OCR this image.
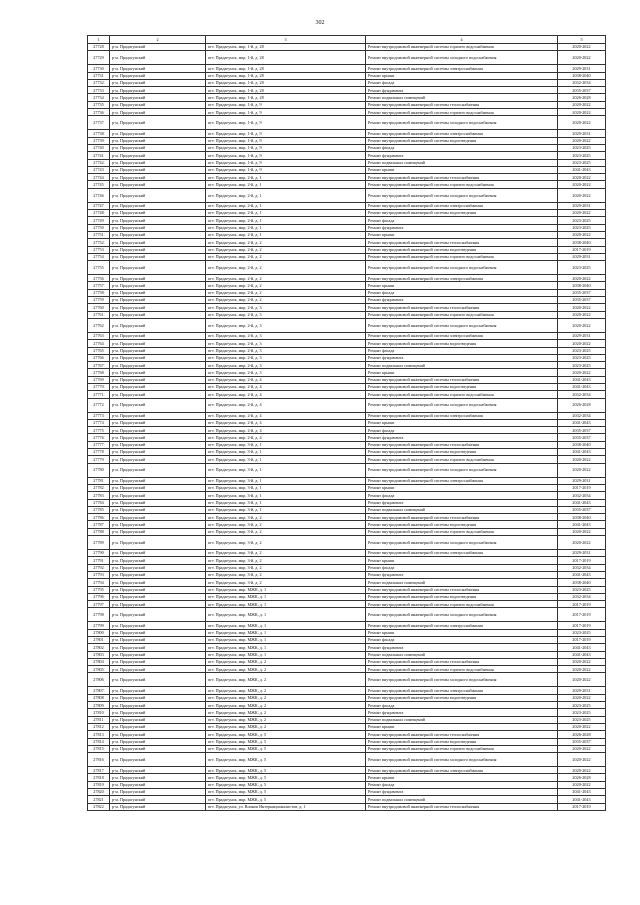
302
1	2	3	4	5
27728	р-н. Прадатунский	пгт. Прадагунск, мкр. 1-й, д. 28	Ремонт внутридомовой инженерной системы горячего водоснабжения	2020-2022
27729	р-н. Прадагунский	пгт. Прадагунск, мкр. 1-й, д. 28	Ремонт внутридомовой инженерной системы холодного водоснабжения	2020-2022
27730	р-н. Прадагунский	пгт. Прадагунск, мкр. 1-й, д. 28	Ремонт внутридомовой инженерной системы электроснабжения	2029-2031
27731	р-н. Прадатунский	пгт. Прадагунск, мкр. 1-й, д. 28	Ремонт крыши	2038-2040
27732	р-н. Прадагунский	пгт. Прадагунск, мкр. 1-й, д. 28	Ремонт фасада	2032-2034
27733	р-н. Прадатунский	пгт. Прадагунск, мкр. 1-й, д. 28	Ремонт фундамента	2035-2037
27734	р-н. Прадатунский	пгт. Прадагунск, мкр. 1-й, д. 28	Ремонт подвальных помещений	2026-2028
27735	р-н. Прадагунский	пгт. Прадагунск, мкр. 1-й, д. 9	Ремонт внутридомовой инженерной системы теплоснабжения	2020-2022
27736	р-н. Прадагунский	пгт. Прадагунск, мкр. 1-й, д. 9	Ремонт внутридомовой инженерной системы горячего водоснабжения	2020-2022
27737	р-н. Прадагунский	пгт. Прадагунск, мкр. 1-й, д. 9	Ремонт внутридомовой инженерной системы холодного водоснабжения	2020-2022
27738	р-н. Прадагунский	пгт. Прадагунск, мкр. 1-й, д. 9	Ремонт внутридомовой инженерной системы электроснабжения	2029-2031
27739	р-н. Прадагунский	пгт. Прадагунск, мкр. 1-й, д. 9	Ремонт внутридомовой инженерной системы водоотведения	2020-2022
27740	р-н. Прадагунский	пгт. Прадагунск, мкр. 1-й, д. 9	Ремонт фасада	2023-2025
27741	р-н. Прадатунский	пгт. Прадагунск, мкр. 1-й, д. 9	Ремонт фундамента	2023-2025
27742	р-н. Прадагунский	пгт. Прадагунск, мкр. 1-й, д. 9	Ремонт подвальных помещений	2023-2025
27743	р-н. Прадагунский	пгт. Прадагунск, мкр. 1-й, д. 9	Ремонт крыши	2041-2043
27744	р-н. Прадагунский	пгт. Прадагунск, мкр. 2-й, д. 1	Ремонт внутридомовой инженерной системы теплоснабжения	2020-2022
27745	р-н. Прадагунский	пгт. Прадагунск, мкр. 2-й, д. 1	Ремонт внутридомовой инженерной системы горячего водоснабжения	2020-2022
27746	р-н. Прадагунский	пгт. Прадагунск, мкр. 2-й, д. 1	Ремонт внутридомовой инженерной системы холодного водоснабжения	2020-2022
27747	р-н. Прадагунский	пгт. Прадагунск, мкр. 2-й, д. 1	Ремонт внутридомовой инженерной системы электроснабжения	2029-2031
27748	р-н. Прадагунский	пгт. Прадагунск, мкр. 2-й, д. 1	Ремонт внутридомовой инженерной системы водоотведения	2020-2022
27749	р-н. Прадагунский	пгт. Прадагунск, мкр. 2-й, д. 1	Ремонт фасада	2023-2025
27750	р-н. Прадагунский	пгт. Прадагунск, мкр. 2-й, д. 1	Ремонт фундамента	2023-2025
27751	р-н. Прадагунский	пгт. Прадагунск, мкр. 2-й, д. 1	Ремонт крыши	2020-2022
27752	р-н. Прадагунский	пгт. Прадагунск, мкр. 2-й, д. 2	Ремонт внутридомовой инженерной системы теплоснабжения	2038-2040
27753	р-н. Прадагунский	пгт. Прадагунск, мкр. 2-й, д. 2	Ремонт внутридомовой инженерной системы водоотведения	2017-2019
27754	р-н. Прадагунский	пгт. Прадагунск, мкр. 2-й, д. 2	Ремонт внутридомовой инженерной системы горячего водоснабжения	2029-2031
27755	р-н. Прадагунский	пгт. Прадагунск, мкр. 2-й, д. 2	Ремонт внутридомовой инженерной системы холодного водоснабжения	2023-2025
27756	р-н. Прадагунский	пгт. Прадагунск, мкр. 2-й, д. 2	Ремонт внутридомовой инженерной системы электроснабжения	2020-2022
27757	р-н. Прадагунский	пгт. Прадагунск, мкр. 2-й, д. 2	Ремонт крыши	2038-2040
27758	р-н. Прадагунский	пгт. Прадагунск, мкр. 2-й, д. 2	Ремонт фасада	2035-2037
27759	р-н. Прадагунский	пгт. Прадагунск, мкр. 2-й, д. 2	Ремонт фундамента	2035-2037
27760	р-н. Прадагунский	пгт. Прадагунск, мкр. 2-й, д. 3	Ремонт внутридомовой инженерной системы теплоснабжения	2020-2022
27761	р-н. Прадагунский	пгт. Прадагунск, мкр. 2-й, д. 3	Ремонт внутридомовой инженерной системы горячего водоснабжения	2020-2022
27762	р-н. Прадагунский	пгт. Прадагунск, мкр. 2-й, д. 3	Ремонт внутридомовой инженерной системы холодного водоснабжения	2020-2022
27763	р-н. Прадагунский	пгт. Прадагунск, мкр. 2-й, д. 3	Ремонт внутридомовой инженерной системы электроснабжения	2029-2031
27764	р-н. Прадагунский	пгт. Прадагунск, мкр. 2-й, д. 3	Ремонт внутридомовой инженерной системы водоотведения	2020-2022
27765	р-н. Прадагунский	пгт. Прадагунск, мкр. 2-й, д. 3	Ремонт фасада	2023-2025
27766	р-н. Прадагунский	пгт. Прадагунск, мкр. 2-й, д. 3	Ремонт фундамента	2023-2025
27767	р-н. Прадагунский	пгт. Прадагунск, мкр. 2-й, д. 3	Ремонт подвальных помещений	2023-2025
27768	р-н. Прадагунский	пгт. Прадагунск, мкр. 2-й, д. 3	Ремонт крыши	2020-2022
27769	р-н. Прадагунский	пгт. Прадагунск, мкр. 2-й, д. 4	Ремонт внутридомовой инженерной системы теплоснабжения	2041-2043
27770	р-н. Прадагунский	пгт. Прадагунск, мкр. 2-й, д. 4	Ремонт внутридомовой инженерной системы водоотведения	2041-2043
27771	р-н. Прадагунский	пгт. Прадагунск, мкр. 2-й, д. 4	Ремонт внутридомовой инженерной системы горячего водоснабжения	2032-2034
27772	р-н. Прадагунский	пгт. Прадагунск, мкр. 2-й, д. 4	Ремонт внутридомовой инженерной системы холодного водоснабжения	2026-2028
27773	р-н. Прадагунский	пгт. Прадагунск, мкр. 2-й, д. 4	Ремонт внутридомовой инженерной системы электроснабжения	2032-2034
27774	р-н. Прадагунский	пгт. Прадагунск, мкр. 2-й, д. 4	Ремонт крыши	2041-2043
27775	р-н. Прадагунский	пгт. Прадагунск, мкр. 2-й, д. 4	Ремонт фасада	2035-2037
27776	р-н. Прадагунский	пгт. Прадагунск, мкр. 2-й, д. 4	Ремонт фундамента	2035-2037
27777	р-н. Прадагунский	пгт. Прадагунск, мкр. 3-й, д. 1	Ремонт внутридомовой инженерной системы теплоснабжения	2038-2040
27778	р-н. Прадагунский	пгт. Прадагунск, мкр. 3-й, д. 1	Ремонт внутридомовой инженерной системы водоотведения	2041-2043
27779	р-н. Прадагунский	пгт. Прадагунск, мкр. 3-й, д. 1	Ремонт внутридомовой инженерной системы горячего водоснабжения	2020-2022
27780	р-н. Прадагунский	пгт. Прадагунск, мкр. 3-й, д. 1	Ремонт внутридомовой инженерной системы холодного водоснабжения	2020-2022
27781	р-н. Прадагунский	пгт. Прадагунск, мкр. 3-й, д. 1	Ремонт внутридомовой инженерной системы электроснабжения	2029-2031
27782	р-н. Прадагунский	пгт. Прадагунск, мкр. 3-й, д. 1	Ремонт крыши	2017-2019
27783	р-н. Прадагунский	пгт. Прадагунск, мкр. 3-й, д. 1	Ремонт фасада	2032-2034
27784	р-н. Прадагунский	пгт. Прадагунск, мкр. 3-й, д. 1	Ремонт фундамента	2041-2043
27785	р-н. Прадагунский	пгт. Прадагунск, мкр. 3-й, д. 1	Ремонт подвальных помещений	2035-2037
27786	р-н. Прадагунский	пгт. Прадагунск, мкр. 3-й, д. 2	Ремонт внутридомовой инженерной системы теплоснабжения	2038-2040
27787	р-н. Прадагунский	пгт. Прадагунск, мкр. 3-й, д. 2	Ремонт внутридомовой инженерной системы водоотведения	2041-2043
27788	р-н. Прадагунский	пгт. Прадагунск, мкр. 3-й, д. 2	Ремонт внутридомовой инженерной системы горячего водоснабжения	2020-2022
27789	р-н. Прадагунский	пгт. Прадагунск, мкр. 3-й, д. 2	Ремонт внутридомовой инженерной системы холодного водоснабжения	2020-2022
27790	р-н. Прадагунский	пгт. Прадагунск, мкр. 3-й, д. 2	Ремонт внутридомовой инженерной системы электроснабжения	2029-2031
27791	р-н. Прадагунский	пгт. Прадагунск, мкр. 3-й, д. 2	Ремонт крыши	2017-2019
27792	р-н. Прадагунский	пгт. Прадагунск, мкр. 3-й, д. 2	Ремонт фасада	2032-2034
27793	р-н. Прадагунский	пгт. Прадагунск, мкр. 3-й, д. 2	Ремонт фундамента	2041-2043
27794	р-н. Прадагунский	пгт. Прадагунск, мкр. 3-й, д. 2	Ремонт подвальных помещений	2038-2040
27795	р-н. Прадагунский	пгт. Прадагунск, мкр. МЖК, д. 1	Ремонт внутридомовой инженерной системы теплоснабжения	2023-2025
27796	р-н. Прадагунский	пгт. Прадагунск, мкр. МЖК, д. 1	Ремонт внутридомовой инженерной системы водоотведения	2032-2034
27797	р-н. Прадагунский	пгт. Прадагунск, мкр. МЖК, д. 1	Ремонт внутридомовой инженерной системы горячего водоснабжения	2017-2019
27798	р-н. Прадагунский	пгт. Прадагунск, мкр. МЖК, д. 1	Ремонт внутридомовой инженерной системы холодного водоснабжения	2017-2019
27799	р-н. Прадагунский	пгт. Прадагунск, мкр. МЖК, д. 1	Ремонт внутридомовой инженерной системы электроснабжения	2017-2019
27800	р-н. Прадагунский	пгт. Прадагунск, мкр. МЖК, д. 1	Ремонт крыши	2023-2025
27801	р-н. Прадагунский	пгт. Прадагунск, мкр. МЖК, д. 1	Ремонт фасада	2017-2019
27802	р-н. Прадагунский	пгт. Прадагунск, мкр. МЖК, д. 1	Ремонт фундамента	2041-2043
27803	р-н. Прадагунский	пгт. Прадагунск, мкр. МЖК, д. 1	Ремонт подвальных помещений	2041-2043
27804	р-н. Прадагунский	пгт. Прадагунск, мкр. МЖК, д. 2	Ремонт внутридомовой инженерной системы теплоснабжения	2020-2022
27805	р-н. Прадагунский	пгт. Прадагунск, мкр. МЖК, д. 2	Ремонт внутридомовой инженерной системы горячего водоснабжения	2020-2022
27806	р-н. Прадагунский	пгт. Прадагунск, мкр. МЖК, д. 2	Ремонт внутридомовой инженерной системы холодного водоснабжения	2020-2022
27807	р-н. Прадагунский	пгт. Прадагунск, мкр. МЖК, д. 2	Ремонт внутридомовой инженерной системы электроснабжения	2029-2031
27808	р-н. Прадагунский	пгт. Прадагунск, мкр. МЖК, д. 2	Ремонт внутридомовой инженерной системы водоотведения	2020-2022
27809	р-н. Прадагунский	пгт. Прадагунск, мкр. МЖК, д. 2	Ремонт фасада	2023-2025
27810	р-н. Прадагунский	пгт. Прадагунск, мкр. МЖК, д. 2	Ремонт фундамента	2023-2025
27811	р-н. Прадагунский	пгт. Прадагунск, мкр. МЖК, д. 2	Ремонт подвальных помещений	2023-2025
27812	р-н. Прадагунский	пгт. Прадагунск, мкр. МЖК, д. 2	Ремонт крыши	2020-2022
27813	р-н. Прадагунский	пгт. Прадагунск, мкр. МЖК, д. 5	Ремонт внутридомовой инженерной системы теплоснабжения	2026-2028
27814	р-н. Прадагунский	пгт. Прадагунск, мкр. МЖК, д. 5	Ремонт внутридомовой инженерной системы водоотведения	2035-2037
27815	р-н. Прадагунский	пгт. Прадагунск, мкр. МЖК, д. 5	Ремонт внутридомовой инженерной системы горячего водоснабжения	2020-2022
27816	р-н. Прадагунский	пгт. Прадагунск, мкр. МЖК, д. 5	Ремонт внутридомовой инженерной системы холодного водоснабжения	2020-2022
27817	р-н. Прадагунский	пгт. Прадагунск, мкр. МЖК, д. 5	Ремонт внутридомовой инженерной системы электроснабжения	2020-2022
27818	р-н. Прадагунский	пгт. Прадагунск, мкр. МЖК, д. 5	Ремонт крыши	2026-2028
27819	р-н. Прадагунский	пгт. Прадагунск, мкр. МЖК, д. 5	Ремонт фасада	2020-2022
27820	р-н. Прадагунский	пгт. Прадагунск, мкр. МЖК, д. 5	Ремонт фундамента	2041-2043
27821	р-н. Прадагунский	пгт. Прадагунск, мкр. МЖК, д. 5	Ремонт подвальных помещений	2041-2043
27822	р-н. Прадагунский	пгт. Прадагунск, ул. Воинов Интернационалистов, д. 1	Ремонт внутридомовой инженерной системы теплоснабжения	2017-2019
